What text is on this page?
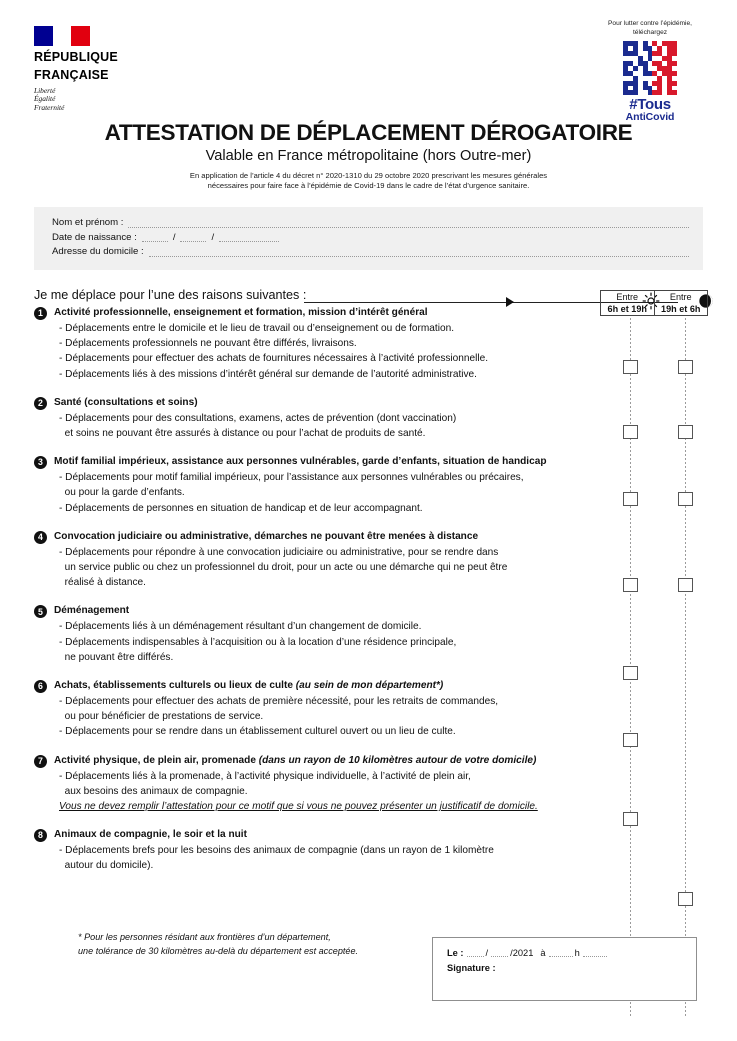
RÉPUBLIQUE
FRANÇAISE
Liberté
Égalité
Fraternité
Pour lutter contre l’épidémie,
téléchargez
#Tous
AntiCovid
ATTESTATION DE DÉPLACEMENT DÉROGATOIRE
Valable en France métropolitaine (hors Outre-mer)
En application de l’article 4 du décret n° 2020-1310 du 29 octobre 2020 prescrivant les mesures générales
nécessaires pour faire face à l’épidémie de Covid-19 dans le cadre de l’état d’urgence sanitaire.
Nom et prénom :
Date de naissance :	/	/
Adresse du domicile :
Je me déplace pour l’une des raisons suivantes :	Entre
6h et 19h
Entre
19h et 6h
1	Activité professionnelle, enseignement et formation, mission d’intérêt général
- Déplacements entre le domicile et le lieu de travail ou d’enseignement ou de formation.
- Déplacements professionnels ne pouvant être différés, livraisons.
- Déplacements pour effectuer des achats de fournitures nécessaires à l’activité professionnelle.
- Déplacements liés à des missions d’intérêt général sur demande de l’autorité administrative.
2	Santé (consultations et soins)
- Déplacements pour des consultations, examens, actes de prévention (dont vaccination)
et soins ne pouvant être assurés à distance ou pour l’achat de produits de santé.
3	Motif familial impérieux, assistance aux personnes vulnérables, garde d’enfants, situation de handicap
- Déplacements pour motif familial impérieux, pour l’assistance aux personnes vulnérables ou précaires,
ou pour la garde d’enfants.
- Déplacements de personnes en situation de handicap et de leur accompagnant.
4	Convocation judiciaire ou administrative, démarches ne pouvant être menées à distance
- Déplacements pour répondre à une convocation judiciaire ou administrative, pour se rendre dans
un service public ou chez un professionnel du droit, pour un acte ou une démarche qui ne peut être
réalisé à distance.
5	Déménagement
- Déplacements liés à un déménagement résultant d’un changement de domicile.
- Déplacements indispensables à l’acquisition ou à la location d’une résidence principale,
ne pouvant être différés.
6	Achats, établissements culturels ou lieux de culte (au sein de mon département*)
- Déplacements pour effectuer des achats de première nécessité, pour les retraits de commandes,
ou pour bénéficier de prestations de service.
- Déplacements pour se rendre dans un établissement culturel ouvert ou un lieu de culte.
7	Activité physique, de plein air, promenade (dans un rayon de 10 kilomètres autour de votre domicile)
- Déplacements liés à la promenade, à l’activité physique individuelle, à l’activité de plein air,
aux besoins des animaux de compagnie.
Vous ne devez remplir l’attestation pour ce motif que si vous ne pouvez présenter un justificatif de domicile.
8	Animaux de compagnie, le soir et la nuit
- Déplacements brefs pour les besoins des animaux de compagnie (dans un rayon de 1 kilomètre
autour du domicile).
* Pour les personnes résidant aux frontières d’un département,
une tolérance de 30 kilomètres au-delà du département est acceptée.	Le : / /2021 à	h
Signature :
